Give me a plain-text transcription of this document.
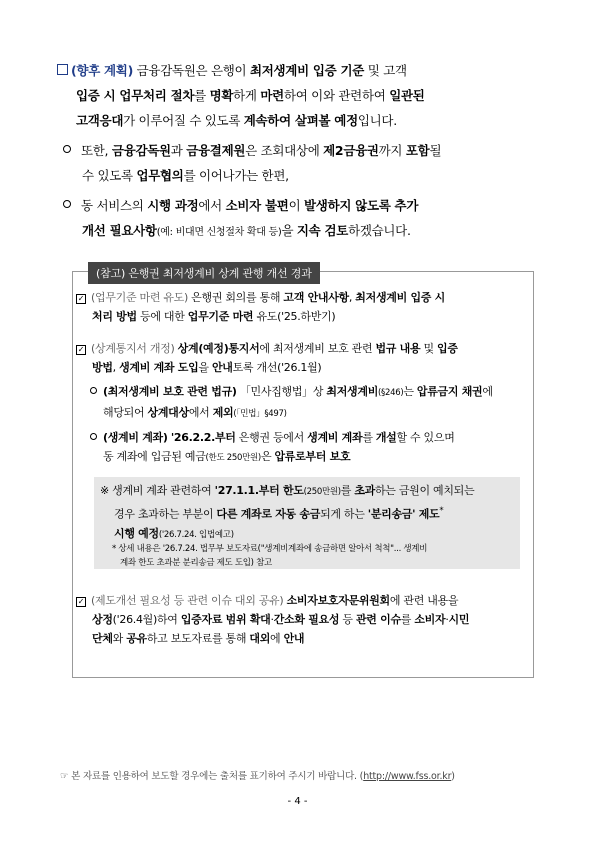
(향후 계획) 금융감독원은 은행이 최저생계비 입증 기준 및 고객
입증 시 업무처리 절차를 명확하게 마련하여 이와 관련하여 일관된
고객응대가 이루어질 수 있도록 계속하여 살펴볼 예정입니다.
또한, 금융감독원과 금융결제원은 조회대상에 제2금융권까지 포함될
수 있도록 업무협의를 이어나가는 한편,
동 서비스의 시행 과정에서 소비자 불편이 발생하지 않도록 추가
개선 필요사항(예: 비대면 신청절차 확대 등)을 지속 검토하겠습니다.
(참고) 은행권 최저생계비 상계 관행 개선 경과
✓ (업무기준 마련 유도) 은행권 회의를 통해 고객 안내사항, 최저생계비 입증 시
처리 방법 등에 대한 업무기준 마련 유도('25.하반기)
✓ (상계통지서 개정) 상계(예정)통지서에 최저생계비 보호 관련 법규 내용 및 입증
방법, 생계비 계좌 도입을 안내토록 개선('26.1월)
(최저생계비 보호 관련 법규) 「민사집행법」상 최저생계비(§246)는 압류금지 채권에
해당되어 상계대상에서 제외(「민법」§497)
(생계비 계좌) '26.2.2.부터 은행권 등에서 생계비 계좌를 개설할 수 있으며
동 계좌에 입금된 예금(한도 250만원)은 압류로부터 보호
※ 생계비 계좌 관련하여 '27.1.1.부터 한도(250만원)를 초과하는 금원이 예치되는
경우 초과하는 부분이 다른 계좌로 자동 송금되게 하는 '분리송금' 제도*
시행 예정('26.7.24. 입법예고)
* 상세 내용은 '26.7.24. 법무부 보도자료("생계비계좌에 송금하면 알아서 척척"... 생계비
계좌 한도 초과분 분리송금 제도 도입) 참고
✓ (제도개선 필요성 등 관련 이슈 대외 공유) 소비자보호자문위원회에 관련 내용을
상정('26.4월)하여 입증자료 범위 확대·간소화 필요성 등 관련 이슈를 소비자·시민
단체와 공유하고 보도자료를 통해 대외에 안내
☞ 본 자료를 인용하여 보도할 경우에는 출처를 표기하여 주시기 바랍니다. (http://www.fss.or.kr)
- 4 -
